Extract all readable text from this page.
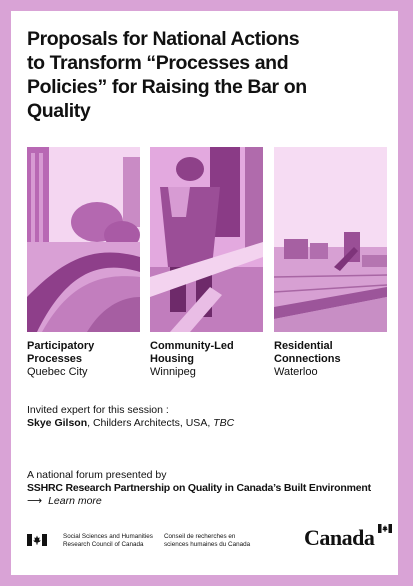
Proposals for National Actions
to Transform “Processes and
Policies” for Raising the Bar on
Quality
Participatory
Processes
Quebec City
Community-Led
Housing
Winnipeg
Residential
Connections
Waterloo
Invited expert for this session :
Skye Gilson, Childers Architects, USA, TBC
A national forum presented by
SSHRC Research Partnership on Quality in Canada’s Built Environment
⟶ Learn more
Social Sciences and Humanities
Research Council of Canada
Conseil de recherches en
sciences humaines du Canada	Canada
